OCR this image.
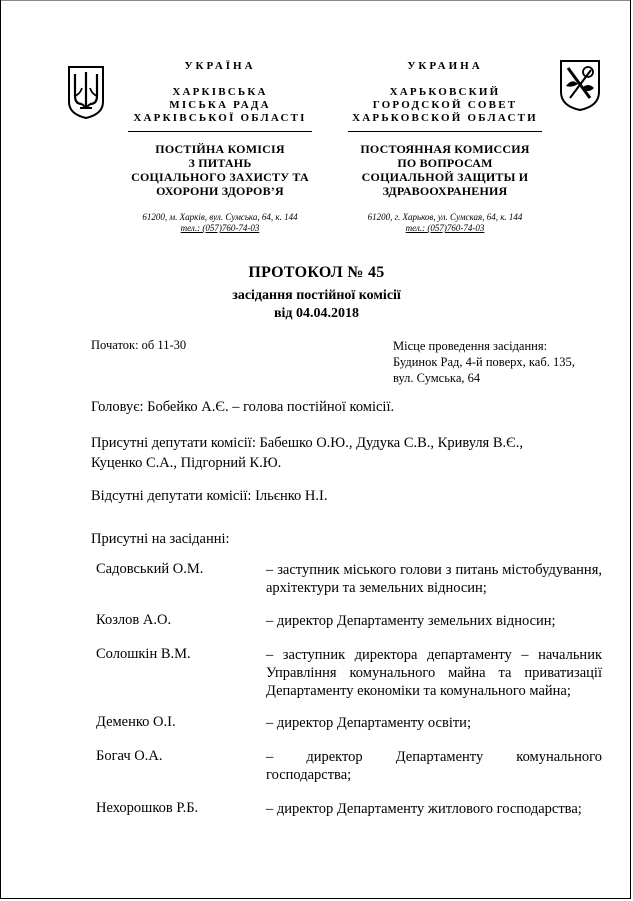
УКРАЇНА
ХАРКІВСЬКА
МІСЬКА РАДА
ХАРКІВСЬКОЇ ОБЛАСТІ
ПОСТІЙНА КОМІСІЯ
З ПИТАНЬ
СОЦІАЛЬНОГО ЗАХИСТУ ТА
ОХОРОНИ ЗДОРОВ’Я
61200, м. Харків, вул. Сумська, 64, к. 144
тел.: (057)760-74-03
УКРАИНА
ХАРЬКОВСКИЙ
ГОРОДСКОЙ СОВЕТ
ХАРЬКОВСКОЙ ОБЛАСТИ
ПОСТОЯННАЯ КОМИССИЯ
ПО ВОПРОСАМ
СОЦИАЛЬНОЙ ЗАЩИТЫ И
ЗДРАВООХРАНЕНИЯ
61200, г. Харьков, ул. Сумская, 64, к. 144
тел.: (057)760-74-03
ПРОТОКОЛ № 45
засідання постійної комісії
від 04.04.2018
Початок: об 11-30	Місце проведення засідання:
Будинок Рад, 4-й поверх, каб. 135,
вул. Сумська, 64
Головує: Бобейко А.Є. – голова постійної комісії.
Присутні депутати комісії: Бабешко О.Ю., Дудука С.В., Кривуля В.Є.,
Куценко С.А., Підгорний К.Ю.
Відсутні депутати комісії: Ільєнко Н.І.
Присутні на засіданні:
Садовський О.М.	– заступник міського голови з питань містобудування, архітектури та земельних відносин;
Козлов А.О.	– директор Департаменту земельних відносин;
Солошкін В.М.	– заступник директора департаменту – начальник Управління комунального майна та приватизації Департаменту економіки та комунального майна;
Деменко О.І.	– директор Департаменту освіти;
Богач О.А.	– директор Департаменту комунального господарства;
Нехорошков Р.Б.	– директор Департаменту житлового господарства;
